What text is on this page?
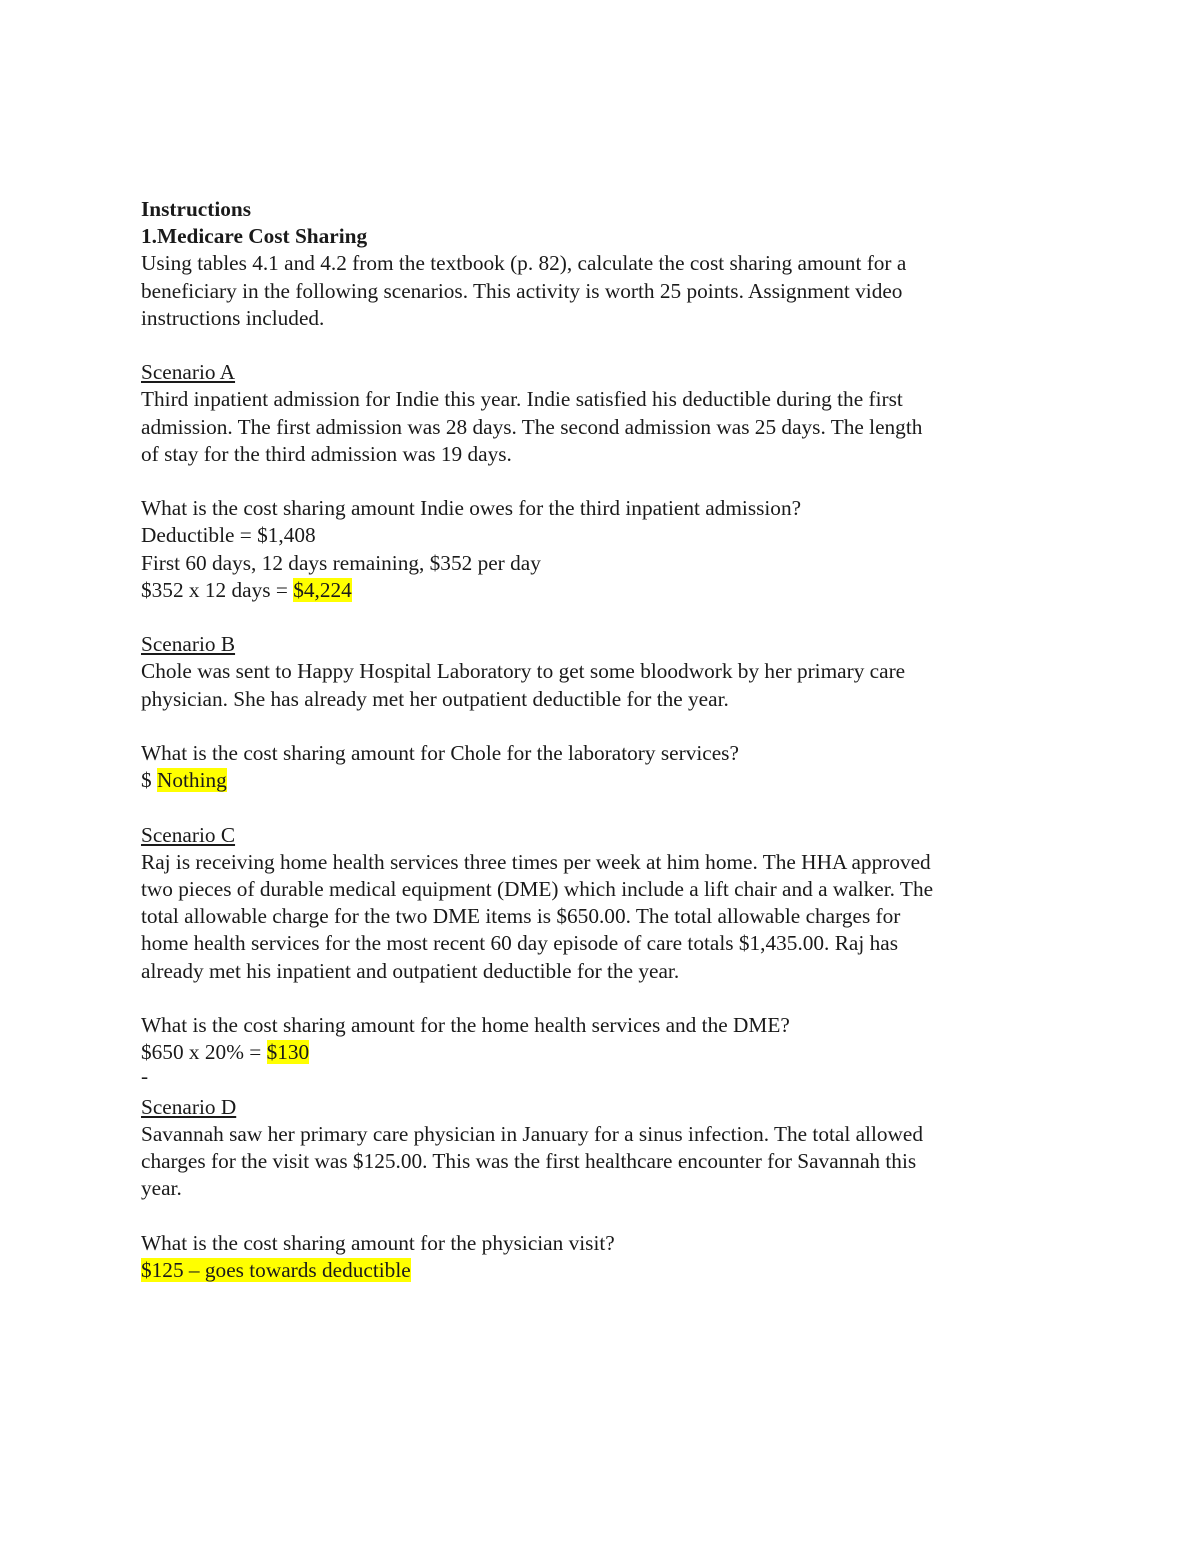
Instructions
1.Medicare Cost Sharing
Using tables 4.1 and 4.2 from the textbook (p. 82), calculate the cost sharing amount for a
beneficiary in the following scenarios. This activity is worth 25 points. Assignment video
instructions included.
Scenario A
Third inpatient admission for Indie this year. Indie satisfied his deductible during the first
admission. The first admission was 28 days. The second admission was 25 days. The length
of stay for the third admission was 19 days.
What is the cost sharing amount Indie owes for the third inpatient admission?
Deductible = $1,408
First 60 days, 12 days remaining, $352 per day
$352 x 12 days = $4,224
Scenario B
Chole was sent to Happy Hospital Laboratory to get some bloodwork by her primary care
physician. She has already met her outpatient deductible for the year.
What is the cost sharing amount for Chole for the laboratory services?
$ Nothing
Scenario C
Raj is receiving home health services three times per week at him home. The HHA approved
two pieces of durable medical equipment (DME) which include a lift chair and a walker. The
total allowable charge for the two DME items is $650.00. The total allowable charges for
home health services for the most recent 60 day episode of care totals $1,435.00. Raj has
already met his inpatient and outpatient deductible for the year.
What is the cost sharing amount for the home health services and the DME?
$650 x 20% = $130
-
Scenario D
Savannah saw her primary care physician in January for a sinus infection. The total allowed
charges for the visit was $125.00. This was the first healthcare encounter for Savannah this
year.
What is the cost sharing amount for the physician visit?
$125 – goes towards deductible
